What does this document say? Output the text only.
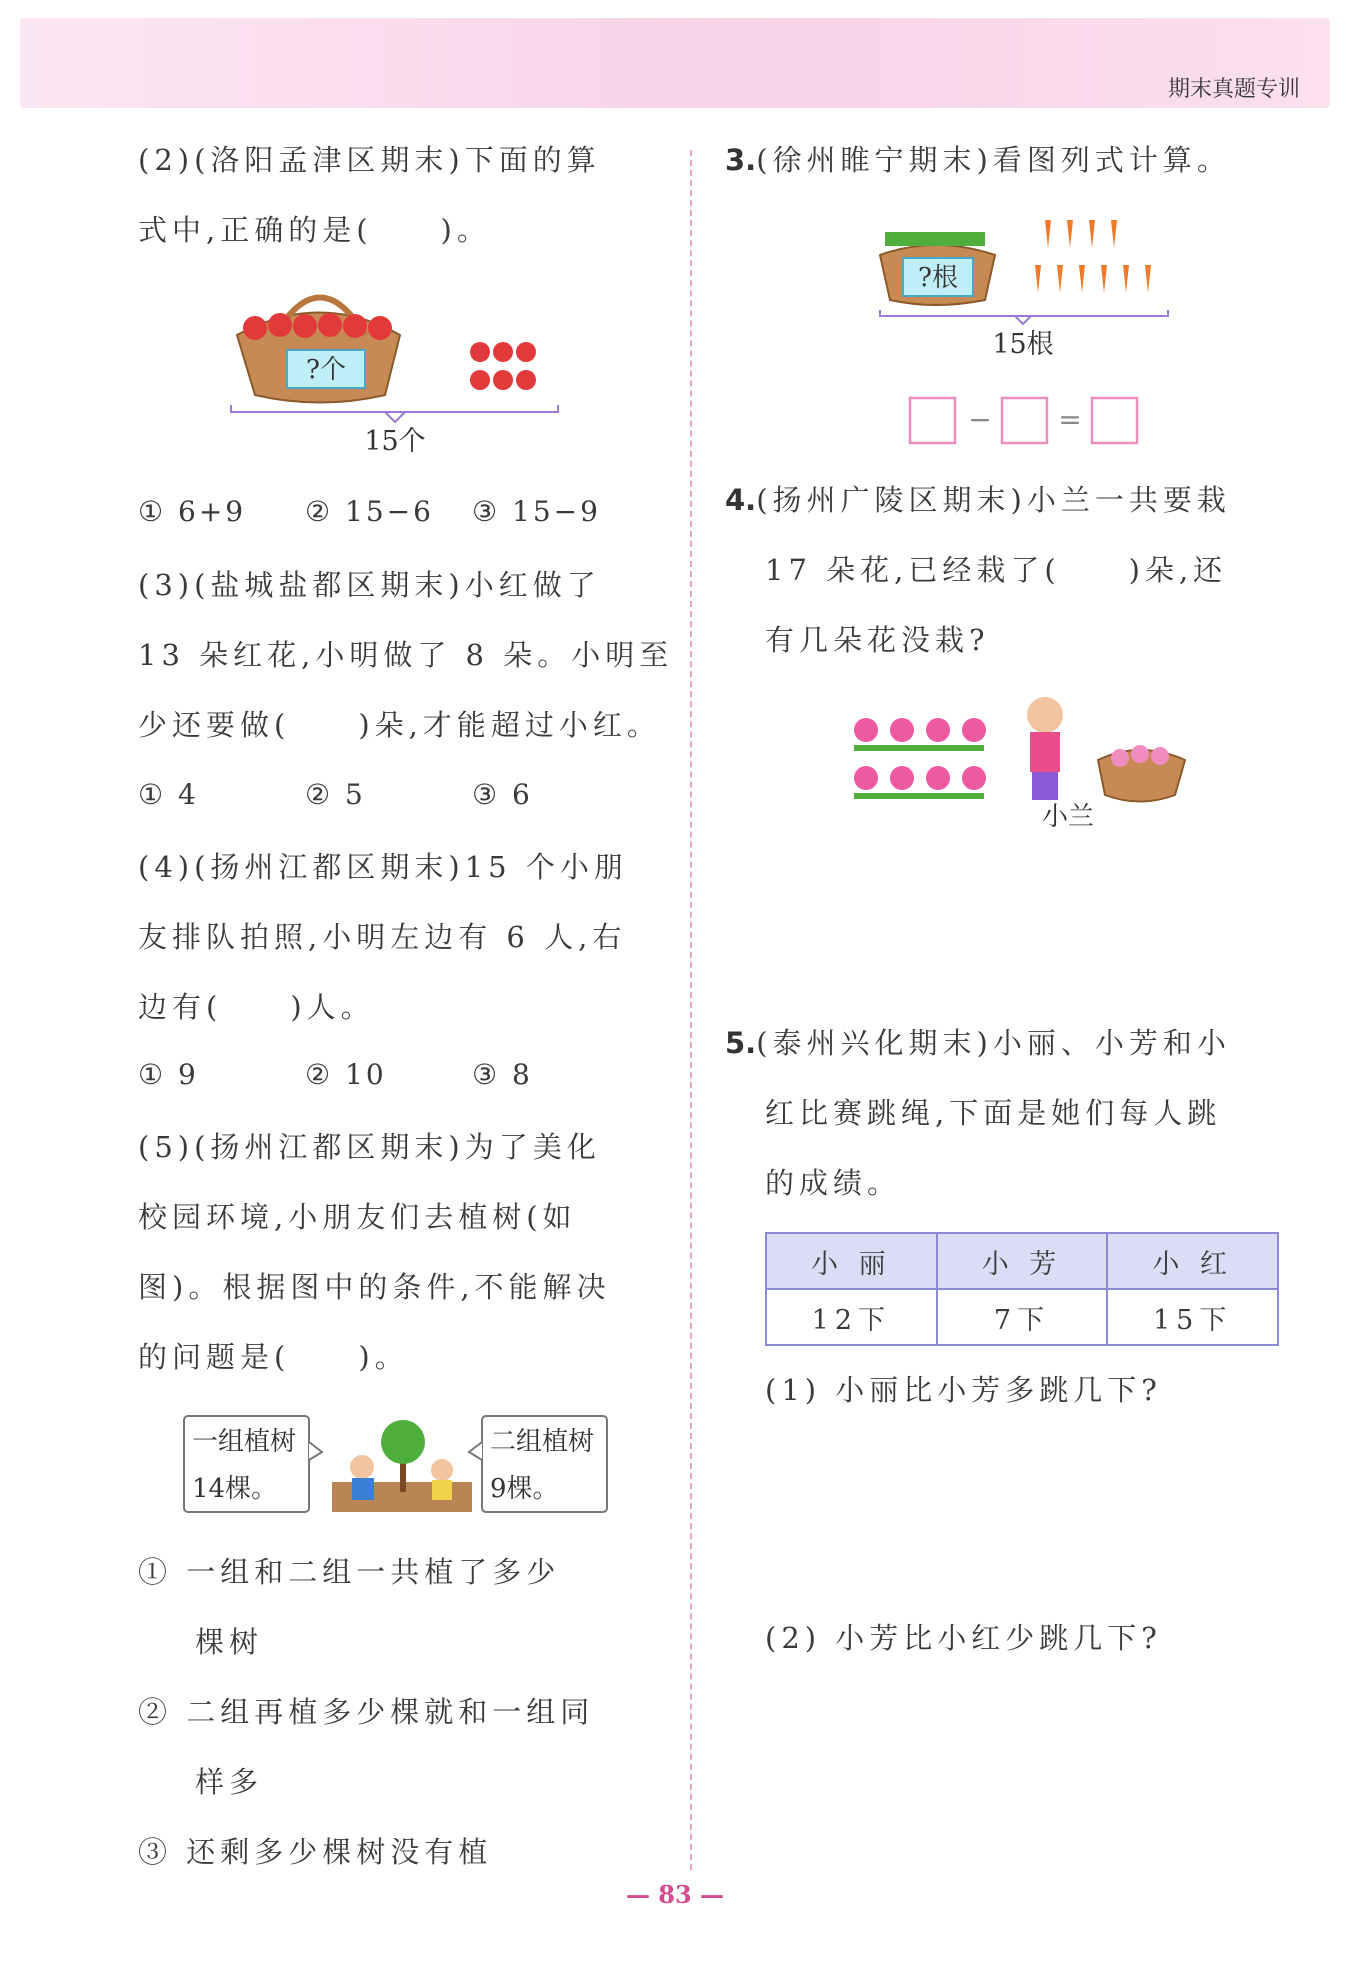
期末真题专训
(2)(洛阳孟津区期末)下面的算
式中,正确的是(　　)。
?个
15个
① 6+9 ② 15−6 ③ 15−9
(3)(盐城盐都区期末)小红做了
13 朵红花,小明做了 8 朵。小明至
少还要做(　　)朵,才能超过小红。
① 4	② 5	③ 6
(4)(扬州江都区期末)15 个小朋
友排队拍照,小明左边有 6 人,右
边有(　　)人。
① 9	② 10	③ 8
(5)(扬州江都区期末)为了美化
校园环境,小朋友们去植树(如
图)。根据图中的条件,不能解决
的问题是(　　)。
一组植树
14棵。
二组植树
9棵。
① 一组和二组一共植了多少
棵树
② 二组再植多少棵就和一组同
样多
③ 还剩多少棵树没有植
3.(徐州睢宁期末)看图列式计算。
?根
15根
− =
4.(扬州广陵区期末)小兰一共要栽
17 朵花,已经栽了(　　)朵,还
有几朵花没栽?
小兰
5.(泰州兴化期末)小丽、小芳和小
红比赛跳绳,下面是她们每人跳
的成绩。
小 丽	小 芳	小 红
12下	7下	15下
(1) 小丽比小芳多跳几下?
(2) 小芳比小红少跳几下?
— 83 —
